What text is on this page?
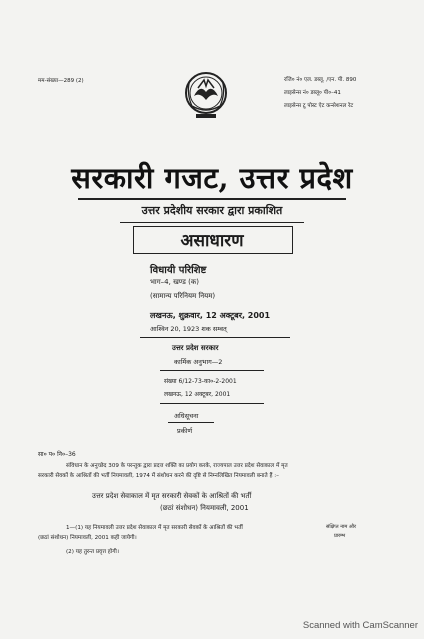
मम-संख्या—289 (2)	रजि० नं० एल. डब्लू. /एन. पी. 890
लाइसेन्स नं० डब्लू० पी०–41
लाइसेन्स टू पोस्ट ऐट कन्सेशनल रेट
सरकारी गजट, उत्तर प्रदेश
उत्तर प्रदेशीय सरकार द्वारा प्रकाशित
असाधारण
विधायी परिशिष्ट
भाग–4, खण्ड (क)
(सामान्य परिनियम नियम)
लखनऊ, शुक्रवार, 12 अक्टूबर, 2001
आश्विन 20, 1923 शक सम्वत्
उत्तर प्रदेश सरकार
कार्मिक अनुभाग—2
संख्या 6/12-73-का०-2-2001
लखनऊ, 12 अक्टूबर, 2001
अधिसूचना
प्रकीर्ण
सा० प० नि०–36
संविधान के अनुच्छेद 309 के परन्तुक द्वारा प्रदत्त शक्ति का प्रयोग करके, राज्यपाल उत्तर प्रदेश सेवाकाल में मृत
सरकारी सेवकों के आश्रितों की भर्ती नियमावली, 1974 में संशोधन करने की दृष्टि से निम्नलिखित नियमावली बनाते हैं :–
उत्तर प्रदेश सेवाकाल में मृत सरकारी सेवकों के आश्रितों की भर्ती
(छठां संशोधन) नियमावली, 2001
1—(1) यह नियमावली उत्तर प्रदेश सेवाकाल में मृत सरकारी सेवकों के आश्रितों की भर्ती
(छठां संशोधन) नियमावली, 2001 कही जायेगी।
संक्षिप्त नाम और
प्रारम्भ
(2) यह तुरन्त प्रवृत्त होगी।
Scanned with CamScanner
